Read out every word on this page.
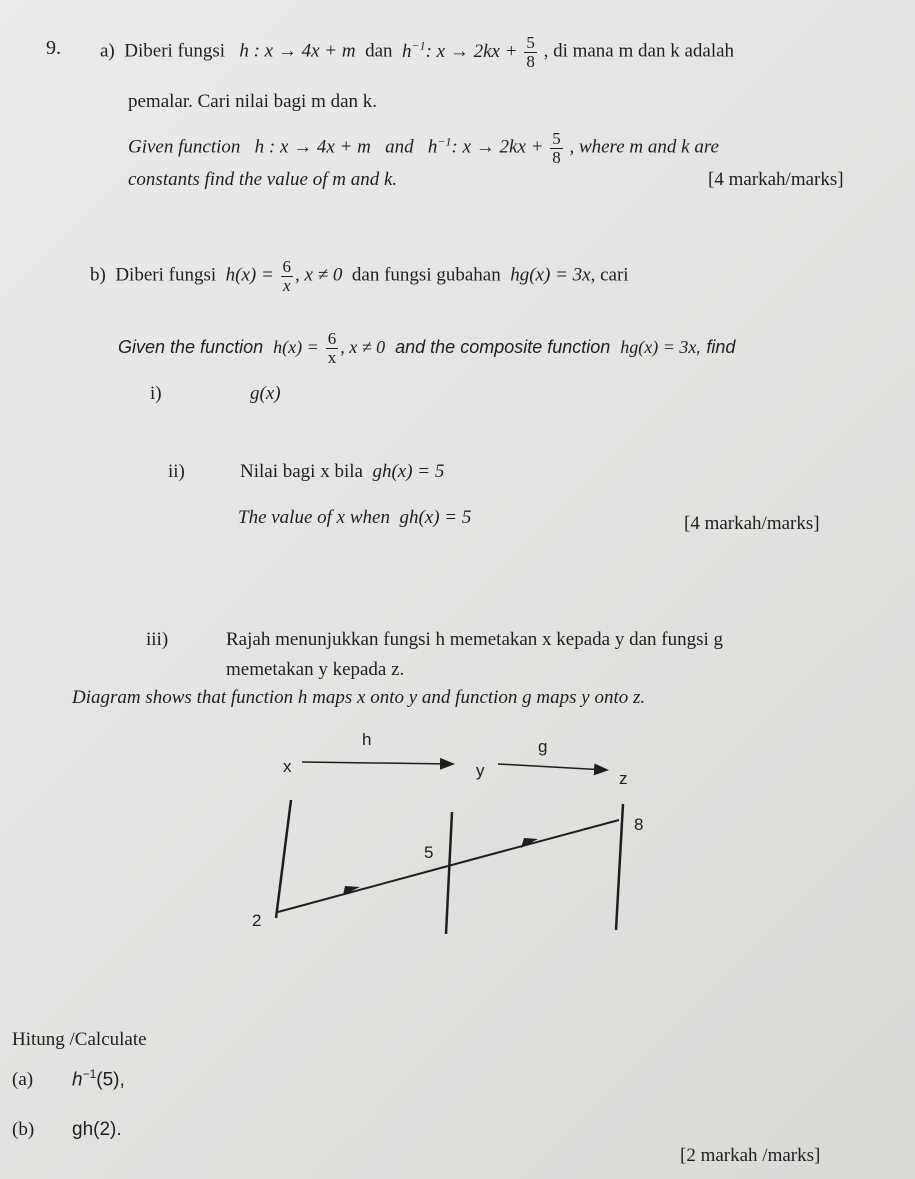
9. a) Diberi fungsi h : x → 4x + m dan $h^{-1}$: $x \to 2kx + \frac{5}{8}$ , di mana m dan k adalah
pemalar. Cari nilai bagi m dan k.
Given function h : x → 4x + m and $h^{-1}$: $x \to 2kx + \frac{5}{8}$ , where m and k are
constants find the value of m and k.	[4 markah/marks]
b) Diberi fungsi $h(x) = \frac{6}{x}$ , x ≠ 0 dan fungsi gubahan hg(x) = 3x, cari
Given the function $h(x) = \frac{6}{x}$ , x ≠ 0 and the composite function hg(x) = 3x, find
i)	g(x)
ii)	Nilai bagi x bila gh(x) = 5
The value of x when gh(x) = 5	[4 markah/marks]
iii)	Rajah menunjukkan fungsi h memetakan x kepada y dan fungsi g
memetakan y kepada z.
Diagram shows that function h maps x onto y and function g maps y onto z.
h	g
x	y	z
2
5
8
Hitung /Calculate
(a) $h^{-1}(5)$,
(b) gh(2).
[2 markah /marks]
